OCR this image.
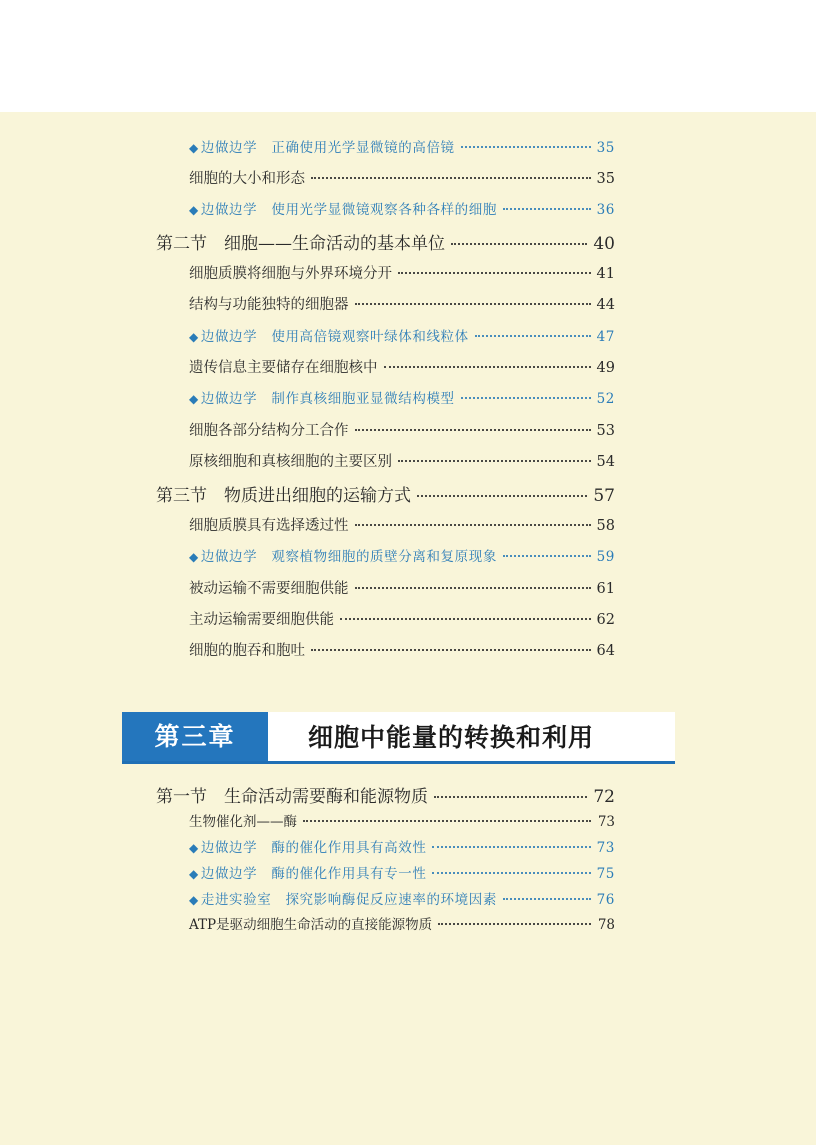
第三章	细胞中能量的转换和利用
◆ 边做边学　 正确使用光学显微镜的高倍镜	35
细胞的大小和形态	35
◆ 边做边学　 使用光学显微镜观察各种各样的细胞	36
第二节　细胞——生命活动的基本单位	40
细胞质膜将细胞与外界环境分开	41
结构与功能独特的细胞器	44
◆ 边做边学　 使用高倍镜观察叶绿体和线粒体	47
遗传信息主要储存在细胞核中	49
◆ 边做边学　 制作真核细胞亚显微结构模型	52
细胞各部分结构分工合作	53
原核细胞和真核细胞的主要区别	54
第三节　物质进出细胞的运输方式	57
细胞质膜具有选择透过性	58
◆ 边做边学　 观察植物细胞的质壁分离和复原现象	59
被动运输不需要细胞供能	61
主动运输需要细胞供能	62
细胞的胞吞和胞吐	64
第一节　生命活动需要酶和能源物质	72
生物催化剂——酶	73
◆ 边做边学　 酶的催化作用具有高效性	73
◆ 边做边学　 酶的催化作用具有专一性	75
◆ 走进实验室　 探究影响酶促反应速率的环境因素	76
ATP是驱动细胞生命活动的直接能源物质	78
